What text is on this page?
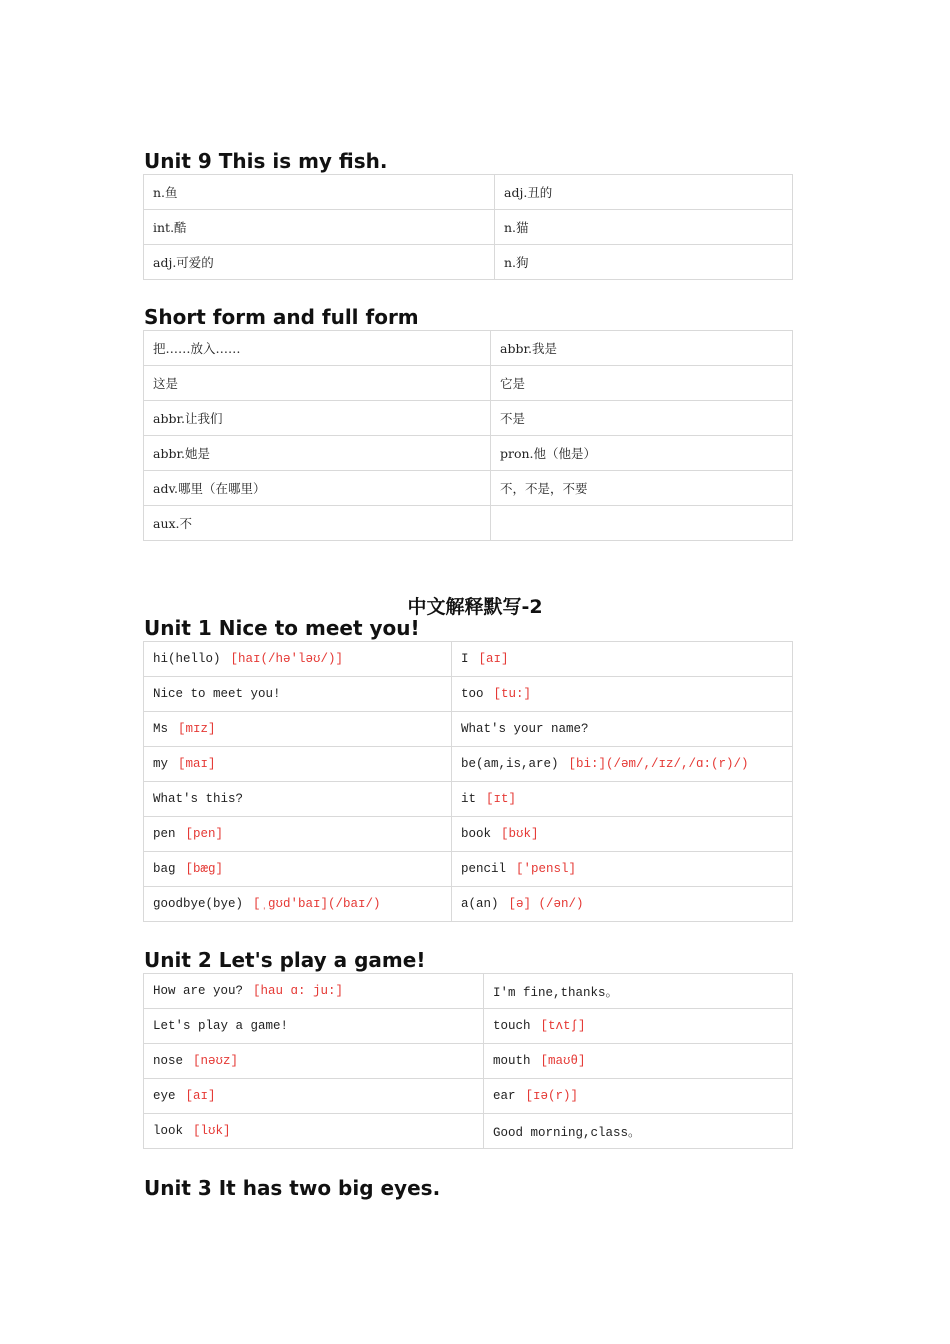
Unit 9 This is my fish.
n.鱼	adj.丑的
int.酷	n.猫
adj.可爱的	n.狗
Short form and full form
把……放入……	abbr.我是
这是	它是
abbr.让我们	不是
abbr.她是	pron.他（他是）
adv.哪里（在哪里）	不，不是，不要
aux.不	
中文解释默写-2
Unit 1 Nice to meet you!
hi(hello) [haɪ(/hə'ləʊ/)]	I [aɪ]
Nice to meet you!	too [tu:]
Ms [mɪz]	What's your name?
my [maɪ]	be(am,is,are) [bi:](/əm/,/ɪz/,/ɑ:(r)/)
What's this?	it [ɪt]
pen [pen]	book [bʊk]
bag [bæg]	pencil ['pensl]
goodbye(bye) [ˌgʊd'baɪ](/baɪ/)	a(an) [ə] (/ən/)
Unit 2 Let's play a game!
How are you? [hau ɑ: ju:]	I'm fine,thanks。
Let's play a game!	touch [tʌtʃ]
nose [nəʊz]	mouth [maʊθ]
eye [aɪ]	ear [ɪə(r)]
look [lʊk]	Good morning,class。
Unit 3 It has two big eyes.
